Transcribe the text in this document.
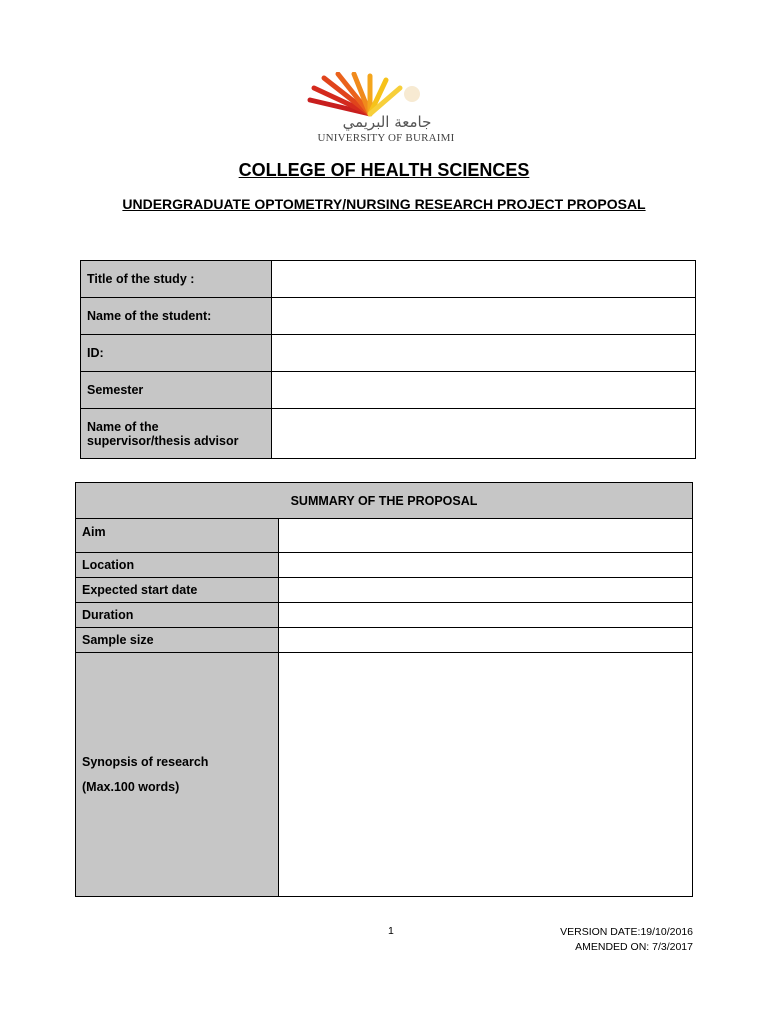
جامعة البريمي
UNIVERSITY OF BURAIMI
COLLEGE OF HEALTH SCIENCES
UNDERGRADUATE OPTOMETRY/NURSING RESEARCH PROJECT PROPOSAL
Title of the study :	
Name of the student:	
ID:	
Semester	
Name of the supervisor/thesis advisor	
SUMMARY OF THE PROPOSAL	
Aim	
Location	
Expected start date	
Duration	
Sample size	

Synopsis of research
(Max.100 words)	

1	VERSION DATE:19/10/2016
AMENDED ON: 7/3/2017
